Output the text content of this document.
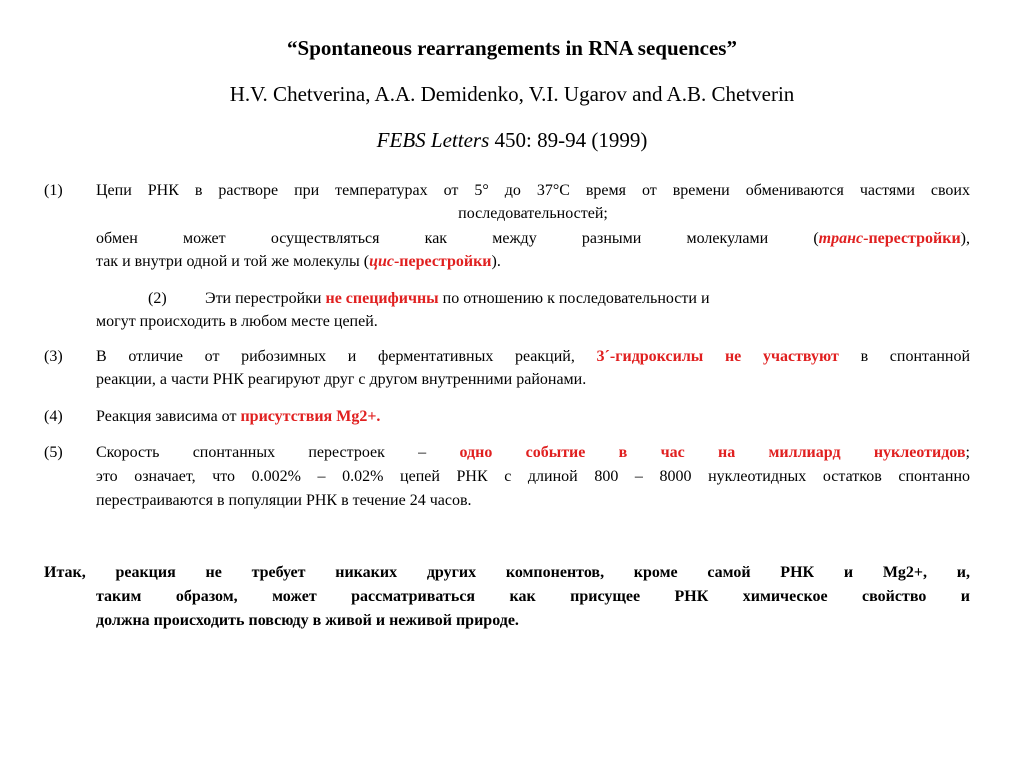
“Spontaneous rearrangements in RNA sequences”
H.V. Chetverina, A.A. Demidenko, V.I. Ugarov and A.B. Chetverin
FEBS Letters 450: 89-94 (1999)
(1) Цепи РНК в растворе при температурах от 5° до 37°C время от времени обмениваются частями своих
последовательностей;
обмен может осуществляться как между разными молекулами (транс-перестройки),
так и внутри одной и той же молекулы (цис-перестройки).
(2) Эти перестройки не специфичны по отношению к последовательности и
могут происходить в любом месте цепей.
(3) В отличие от рибозимных и ферментативных реакций, 3´-гидроксилы не участвуют в спонтанной
реакции, а части РНК реагируют друг с другом внутренними районами.
(4) Реакция зависима от присутствия Mg2+.
(5) Скорость спонтанных перестроек – одно событие в час на миллиард нуклеотидов;
это означает, что 0.002% – 0.02% цепей РНК с длиной 800 – 8000 нуклеотидных остатков спонтанно
перестраиваются в популяции РНК в течение 24 часов.
Итак, реакция не требует никаких других компонентов, кроме самой РНК и Mg2+, и,
таким образом, может рассматриваться как присущее РНК химическое свойство и
должна происходить повсюду в живой и неживой природе.
